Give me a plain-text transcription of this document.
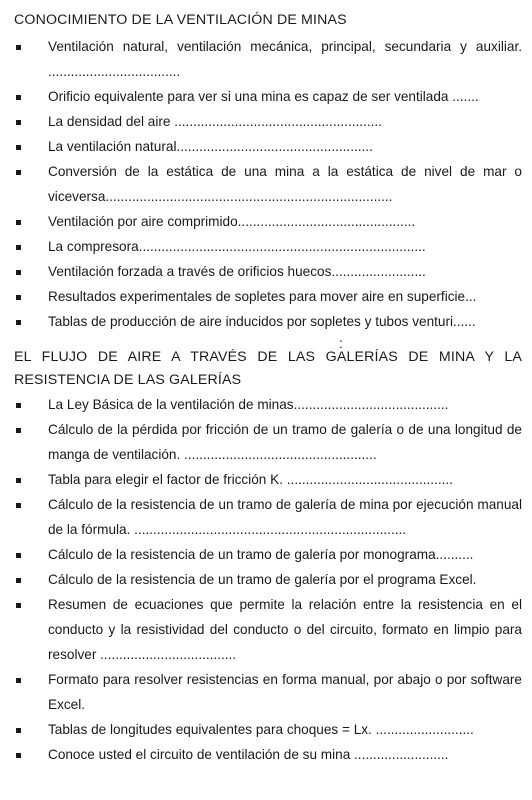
CONOCIMIENTO DE LA VENTILACIÓN DE MINAS
Ventilación natural, ventilación mecánica, principal, secundaria y auxiliar. ...................................
Orificio equivalente para ver si una mina es capaz de ser ventilada .......
La densidad del aire .......................................................
La ventilación natural....................................................
Conversión de la estática de una mina a la estática de nivel de mar o viceversa............................................................................
Ventilación por aire comprimido...............................................
La compresora............................................................................
Ventilación forzada a través de orificios huecos.........................
Resultados experimentales de sopletes para mover aire en superficie...
Tablas de producción de aire inducidos por sopletes y tubos venturi......
EL FLUJO DE AIRE A TRAVÉS DE LAS GALERÍAS DE MINA Y LA RESISTENCIA DE LAS GALERÍAS
La Ley Básica de la ventilación de minas.........................................
Cálculo de la pérdida por fricción de un tramo de galería o de una longitud de manga de ventilación. ...................................................
Tabla para elegir el factor de fricción K. ............................................
Cálculo de la resistencia de un tramo de galería de mina por ejecución manual de la fórmula. ........................................................................
Cálculo de la resistencia de un tramo de galería por monograma..........
Cálculo de la resistencia de un tramo de galería por el programa Excel.
Resumen de ecuaciones que permite la relación entre la resistencia en el conducto y la resistividad del conducto o del circuito, formato en limpio para resolver ....................................
Formato para resolver resistencias en forma manual, por abajo o por software Excel.
Tablas de longitudes equivalentes para choques = Lx. ..........................
Conoce usted el circuito de ventilación de su mina .........................
:
